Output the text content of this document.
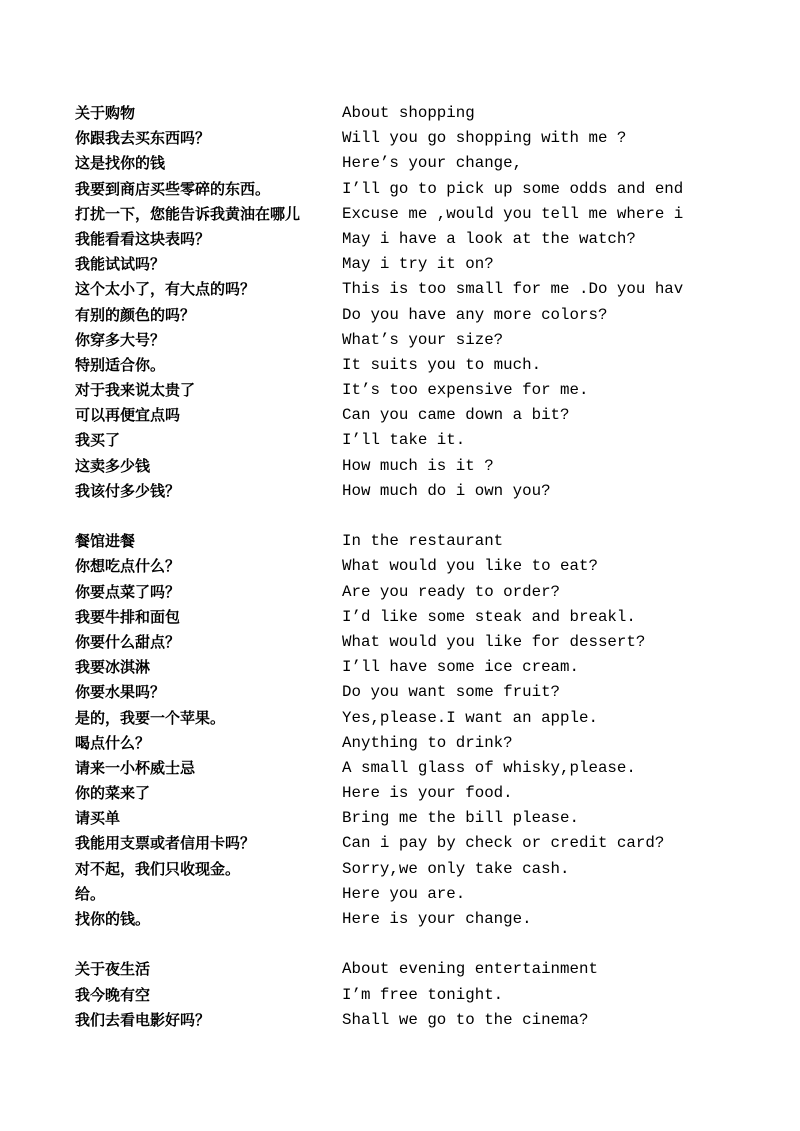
关于购物	About shopping
你跟我去买东西吗？	Will you go shopping with me ?
这是找你的钱	Here’s your change,
我要到商店买些零碎的东西。	I’ll go to pick up some odds and end
打扰一下，您能告诉我黄油在哪儿	Excuse me ,would you tell me where i
我能看看这块表吗？	May i have a look at the watch?
我能试试吗？	May i try it on?
这个太小了，有大点的吗？	This is too small for me .Do you hav
有别的颜色的吗？	Do you have any more colors?
你穿多大号？	What’s your size?
特别适合你。	It suits you to much.
对于我来说太贵了	It’s too expensive for me.
可以再便宜点吗	Can you came down a bit?
我买了	I’ll take it.
这卖多少钱	How much is it ?
我该付多少钱？	How much do i own you?
餐馆进餐	In the restaurant
你想吃点什么？	What would you like to eat?
你要点菜了吗？	Are you ready to order?
我要牛排和面包	I’d like some steak and breakl.
你要什么甜点？	What would you like for dessert?
我要冰淇淋	I’ll have some ice cream.
你要水果吗？	Do you want some fruit?
是的，我要一个苹果。	Yes,please.I want an apple.
喝点什么？	Anything to drink?
请来一小杯威士忌	A small glass of whisky,please.
你的菜来了	Here is your food.
请买单	Bring me the bill please.
我能用支票或者信用卡吗？	Can i pay by check or credit card?
对不起，我们只收现金。	Sorry,we only take cash.
给。	Here you are.
找你的钱。	Here is your change.
关于夜生活	About evening entertainment
我今晚有空	I’m free tonight.
我们去看电影好吗？	Shall we go to the cinema?
